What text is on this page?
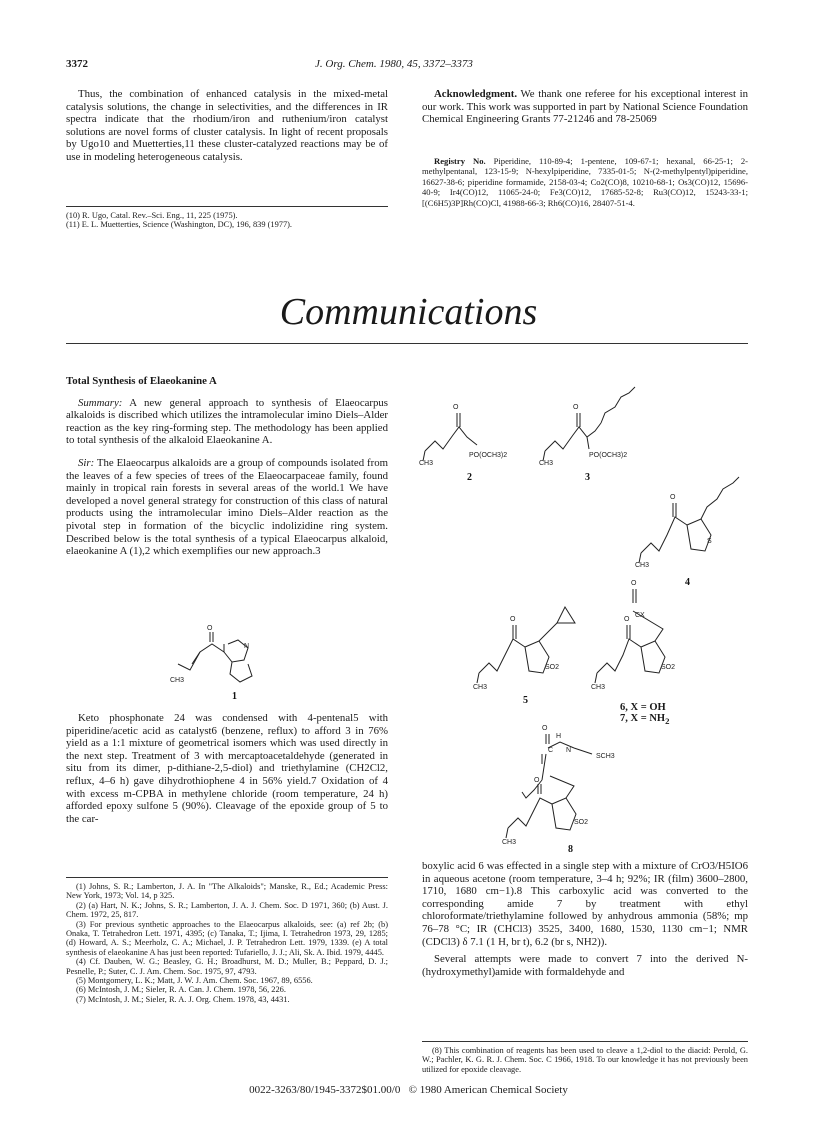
3372	J. Org. Chem. 1980, 45, 3372–3373

Thus, the combination of enhanced catalysis in the mixed-metal catalysis solutions, the change in selectivities, and the differences in IR spectra indicate that the rhodium/iron and ruthenium/iron catalyst solutions are novel forms of cluster catalysis. In light of recent proposals by Ugo10 and Muetterties,11 these cluster-catalyzed reactions may be of use in modeling heterogeneous catalysis.

(10) R. Ugo, Catal. Rev.–Sci. Eng., 11, 225 (1975).
(11) E. L. Muetterties, Science (Washington, DC), 196, 839 (1977).

Acknowledgment. We thank one referee for his exceptional interest in our work. This work was supported in part by National Science Foundation Chemical Engineering Grants 77-21246 and 78-25069

Registry No. Piperidine, 110-89-4; 1-pentene, 109-67-1; hexanal, 66-25-1; 2-methylpentanal, 123-15-9; N-hexylpiperidine, 7335-01-5; N-(2-methylpentyl)piperidine, 16627-38-6; piperidine formamide, 2158-03-4; Co2(CO)8, 10210-68-1; Os3(CO)12, 15696-40-9; Ir4(CO)12, 11065-24-0; Fe3(CO)12, 17685-52-8; Ru3(CO)12, 15243-33-1; [(C6H5)3P]Rh(CO)Cl, 41988-66-3; Rh6(CO)16, 28407-51-4.
Communications

Total Synthesis of Elaeokanine A

Summary: A new general approach to synthesis of Elaeocarpus alkaloids is discribed which utilizes the intramolecular imino Diels–Alder reaction as the key ring-forming step. The methodology has been applied to total synthesis of the alkaloid Elaeokanine A.

Sir: The Elaeocarpus alkaloids are a group of compounds isolated from the leaves of a few species of trees of the Elaeocarpaceae family, found mainly in tropical rain forests in several areas of the world.1 We have developed a novel general strategy for construction of this class of natural products using the intramolecular imino Diels–Alder reaction as the pivotal step in formation of the bicyclic indolizidine ring system. Described below is the total synthesis of a typical Elaeocarpus alkaloid, elaeokanine A (1),2 which exemplifies our new approach.3

N
O
CH3
1

Keto phosphonate 24 was condensed with 4-pentenal5 with piperidine/acetic acid as catalyst6 (benzene, reflux) to afford 3 in 76% yield as a 1:1 mixture of geometrical isomers which was used directly in the next step. Treatment of 3 with mercaptoacetaldehyde (generated in situ from its dimer, p-dithiane-2,5-diol) and triethylamine (CH2Cl2, reflux, 4–6 h) gave dihydrothiophene 4 in 56% yield.7 Oxidation of 4 with excess m-CPBA in methylene chloride (room temperature, 24 h) afforded epoxy sulfone 5 (90%). Cleavage of the epoxide group of 5 to the car-

(1) Johns, S. R.; Lamberton, J. A. In "The Alkaloids"; Manske, R., Ed.; Academic Press: New York, 1973; Vol. 14, p 325.
(2) (a) Hart, N. K.; Johns, S. R.; Lamberton, J. A. J. Chem. Soc. D 1971, 360; (b) Aust. J. Chem. 1972, 25, 817.
(3) For previous synthetic approaches to the Elaeocarpus alkaloids, see: (a) ref 2b; (b) Onaka, T. Tetrahedron Lett. 1971, 4395; (c) Tanaka, T.; Ijima, I. Tetrahedron 1973, 29, 1285; (d) Howard, A. S.; Meerholz, C. A.; Michael, J. P. Tetrahedron Lett. 1979, 1339. (e) A total synthesis of elaeokanine A has just been reported: Tufariello, J. J.; Ali, Sk. A. Ibid. 1979, 4445.
(4) Cf. Dauben, W. G.; Beasley, G. H.; Broadhurst, M. D.; Muller, B.; Peppard, D. J.; Pesnelle, P.; Suter, C. J. Am. Chem. Soc. 1975, 97, 4793.
(5) Montgomery, L. K.; Matt, J. W. J. Am. Chem. Soc. 1967, 89, 6556.
(6) McIntosh, J. M.; Sieler, R. A. Can. J. Chem. 1978, 56, 226.
(7) McIntosh, J. M.; Sieler, R. A. J. Org. Chem. 1978, 43, 4431.
O
PO(OCH3)2
CH3
2
O
PO(OCH3)2
CH3
3
O
S
CH3
4
O
SO2
CH3
5
O
CX
O
SO2
CH3
6, X = OH
7, $X = NH_2$
O
H
C N
SCH3
O
SO2
CH3
8

boxylic acid 6 was effected in a single step with a mixture of CrO3/H5IO6 in aqueous acetone (room temperature, 3–4 h; 92%; IR (film) 3600–2800, 1710, 1680 cm−1).8 This carboxylic acid was converted to the corresponding amide 7 by treatment with ethyl chloroformate/triethylamine followed by anhydrous ammonia (58%; mp 76–78 °C; IR (CHCl3) 3525, 3400, 1680, 1530, 1130 cm−1; NMR (CDCl3) δ 7.1 (1 H, br t), 6.2 (br s, NH2)).

Several attempts were made to convert 7 into the derived N-(hydroxymethyl)amide with formaldehyde and

(8) This combination of reagents has been used to cleave a 1,2-diol to the diacid: Perold, G. W.; Pachler, K. G. R. J. Chem. Soc. C 1966, 1918. To our knowledge it has not previously been utilized for epoxide cleavage.
0022-3263/80/1945-3372$01.00/0   © 1980 American Chemical Society
